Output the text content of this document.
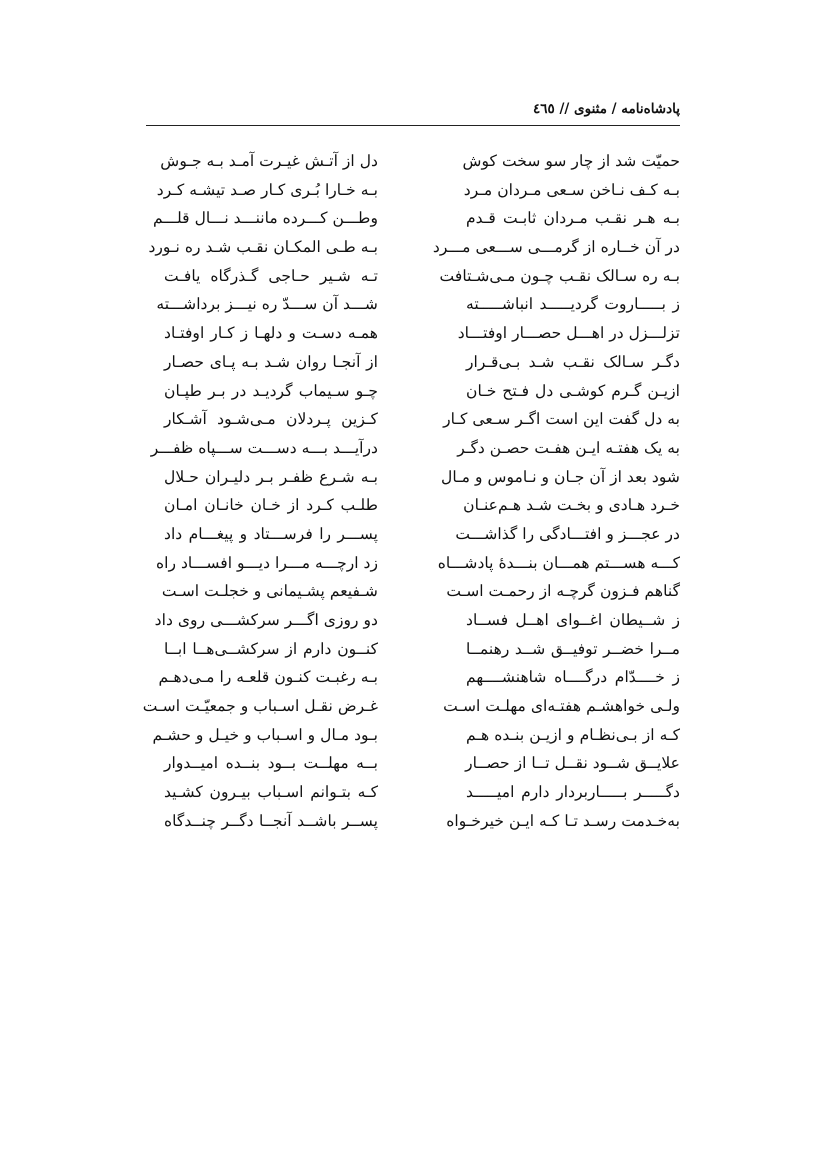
پادشاه‌نامه / مثنوی // ٤٦٥
حمیّت شد از چار سو سخت کوش
دل از آتـش غیـرت آمـد بـه جـوش
بـه کـف نـاخن سـعی مـردان مـرد
بـه خـارا بُـری کـار صـد تیشـه کـرد
بـه هـر نقـب مـردان ثابـت قـدم
وطـــن کـــرده ماننـــد نـــال قلـــم
در آن خــاره از گرمـــی ســـعی مـــرد
بـه طـی المکـان نقـب شـد ره نـورد
بـه ره سـالک نقـب چـون مـی‌شـتافت
تـه شـیر حـاجی گـذرگاه یافـت
ز بـــــاروت گردیـــــد انباشـــــته
شـــد آن ســـدّ ره نیـــز برداشـــته
تزلـــزل در اهـــل حصـــار اوفتـــاد
همـه دسـت و دلهـا ز کـار اوفتـاد
دگـر سـالک نقـب شـد بـی‌قـرار
از آنجـا روان شـد بـه پـای حصـار
ازیـن گـرم کوشـی دل فـتح خـان
چـو سـیماب گردیـد در بـر طپـان
به دل گفت این است اگـر سـعی کـار
کـزین پـردلان مـی‌شـود آشـکار
به یک هفتـه ایـن هفـت حصـن دگـر
درآیـــد بـــه دســـت ســـپاه ظفـــر
شود بعد از آن جـان و نـاموس و مـال
بـه شـرع ظفـر بـر دلیـران حـلال
خـرد هـادی و بخـت شـد هـم‌عنـان
طلـب کـرد از خـان خانـان امـان
در عجـــز و افتـــادگی را گذاشـــت
پســـر را فرســـتاد و پیغـــام داد
کـــه هســـتم همـــان بنـــدۀ پادشـــاه
زد ارچـــه مـــرا دیـــو افســـاد راه
گناهم فـزون گرچـه از رحمـت اسـت
شـفیعم پشـیمانی و خجلـت اسـت
ز شــیطان اغــوای اهــل فســاد
دو روزی اگـــر سرکشـــی روی داد
مــرا خضــر توفیــق شــد رهنمــا
کنــون دارم از سرکشــی‌هــا ابــا
ز خــــدّام درگــــاه شاهنشــــهم
بـه رغبـت کنـون قلعـه را مـی‌دهـم
ولـی خواهشـم هفتـه‌ای مهلـت اسـت
غـرض نقـل اسـباب و جمعیّـت اسـت
کـه از بـی‌نظـام و ازیـن بنـده هـم
بـود مـال و اسـباب و خیـل و حشـم
علایــق شــود نقــل تــا از حصــار
بــه مهلــت بــود بنــده امیــدوار
دگـــــر بـــــاربردار دارم امیـــــد
کـه بتـوانم اسـباب بیـرون کشـید
به‌خـدمت رسـد تـا کـه ایـن خیرخـواه
پســر باشــد آنجــا دگــر چنــدگاه
